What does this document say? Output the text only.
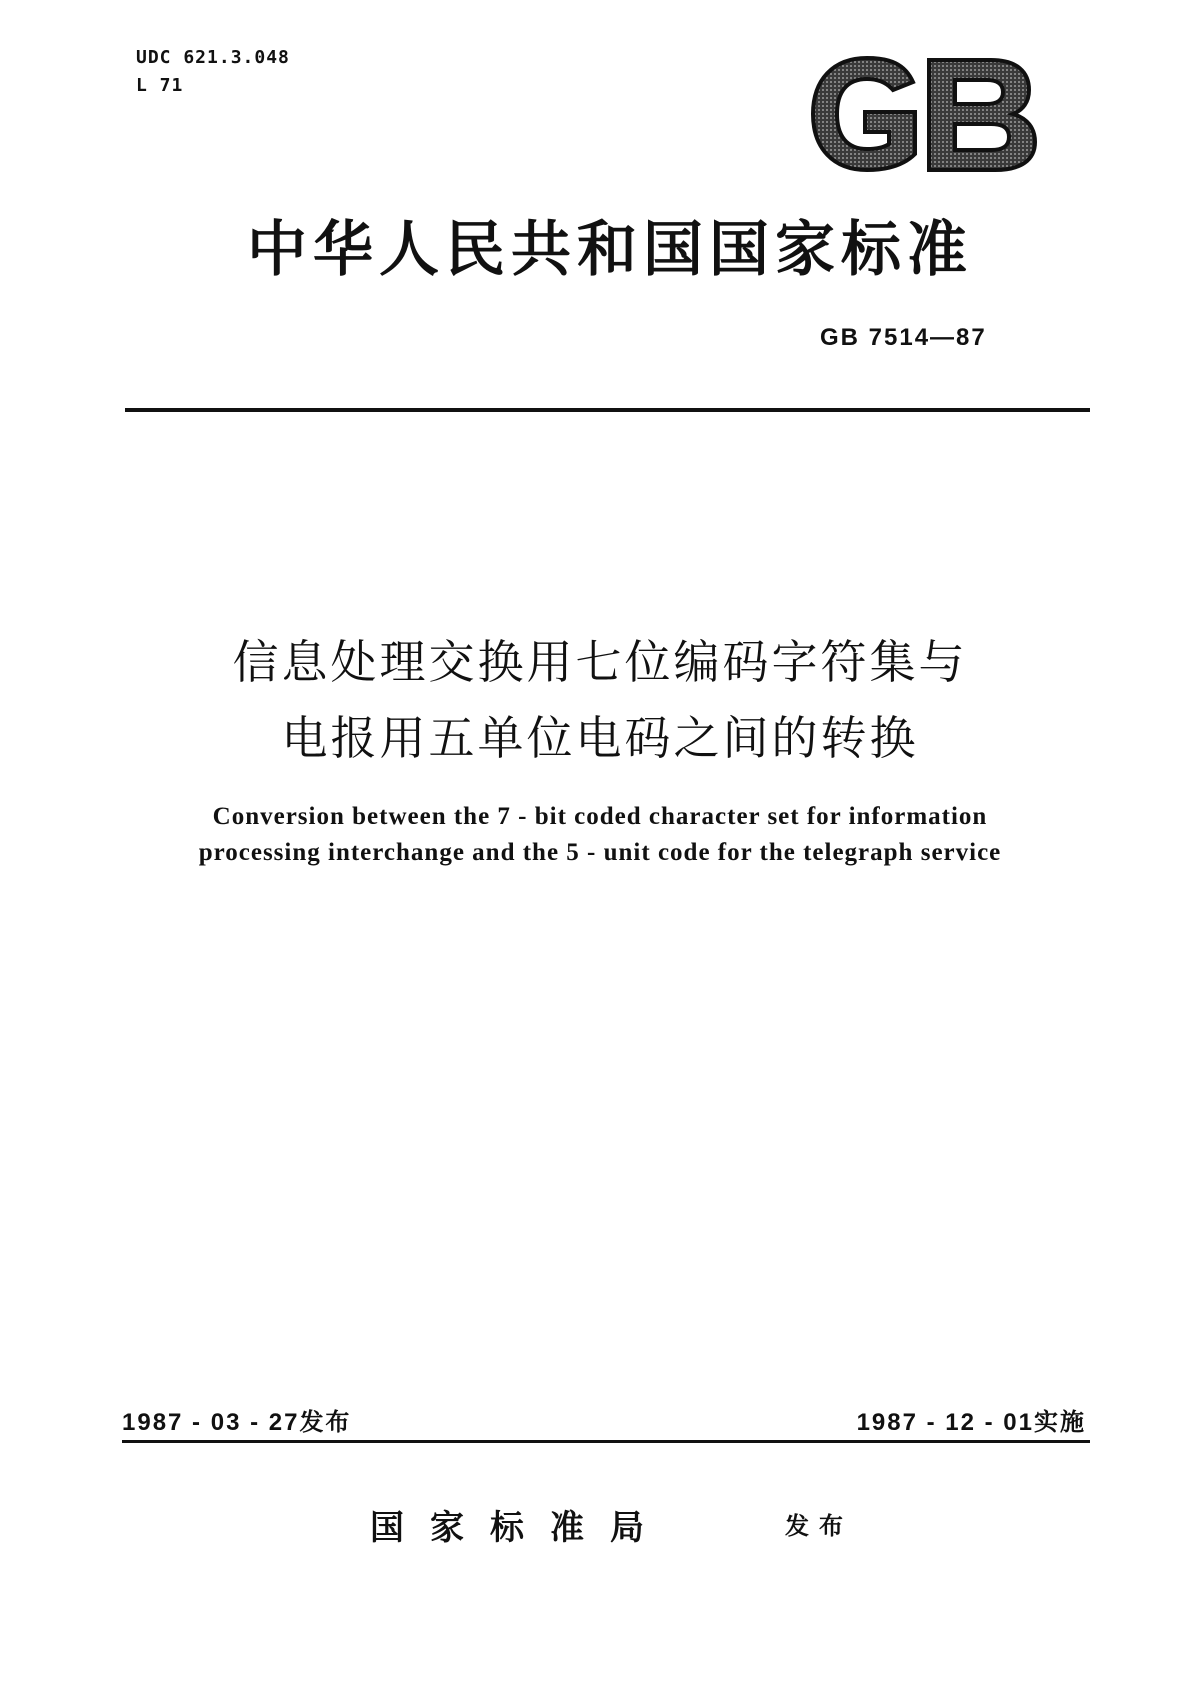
UDC 621.3.048
L 71
中华人民共和国国家标准
GB 7514—87
信息处理交换用七位编码字符集与
电报用五单位电码之间的转换
Conversion between the 7 - bit coded character set for information
processing interchange and the 5 - unit code for the telegraph service
1987 - 03 - 27发布	1987 - 12 - 01实施
国家标准局	发布
